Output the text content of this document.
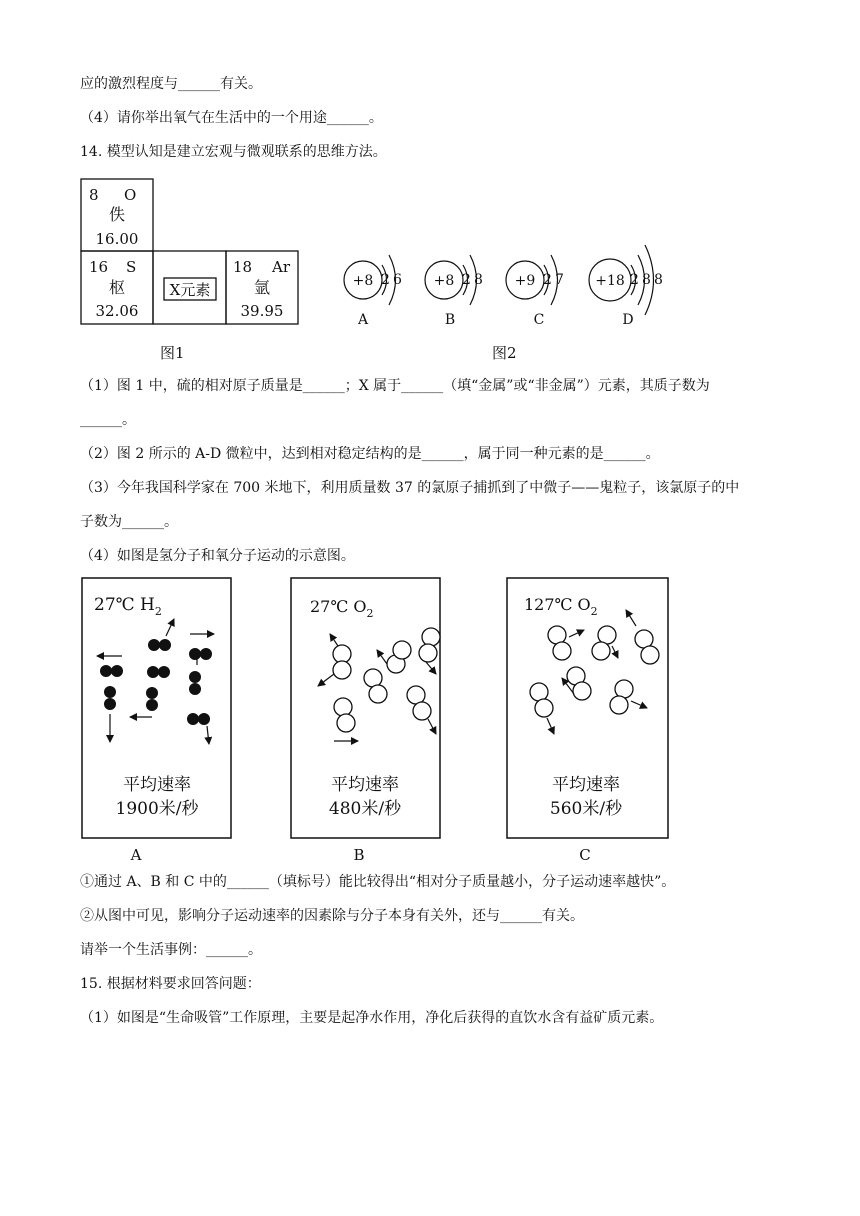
应的激烈程度与______有关。
（4）请你举出氧气在生活中的一个用途______。
14. 模型认知是建立宏观与微观联系的思维方法。
8 O
佚
16.00
16 S
枢
32.06
X元素
18 Ar
氩
39.95
图1
+8 2 6
A
+8 2 8
B
+9 2 7
C
+18 2 8 8
D
图2
（1）图 1 中，硫的相对原子质量是______；X 属于______（填“金属”或“非金属”）元素，其质子数为
______。
（2）图 2 所示的 A-D 微粒中，达到相对稳定结构的是______，属于同一种元素的是______。
（3）今年我国科学家在 700 米地下，利用质量数 37 的氯原子捕抓到了中微子——鬼粒子，该氯原子的中
子数为______。
（4）如图是氢分子和氧分子运动的示意图。
27℃ $H_2$
平均速率
1900米/秒
27℃ $O_2$
平均速率
480米/秒
127℃ $O_2$
平均速率
560米/秒
A	B	C
①通过 A、B 和 C 中的______（填标号）能比较得出“相对分子质量越小，分子运动速率越快”。
②从图中可见，影响分子运动速率的因素除与分子本身有关外，还与______有关。
请举一个生活事例：______。
15. 根据材料要求回答问题：
（1）如图是“生命吸管”工作原理，主要是起净水作用，净化后获得的直饮水含有益矿质元素。
